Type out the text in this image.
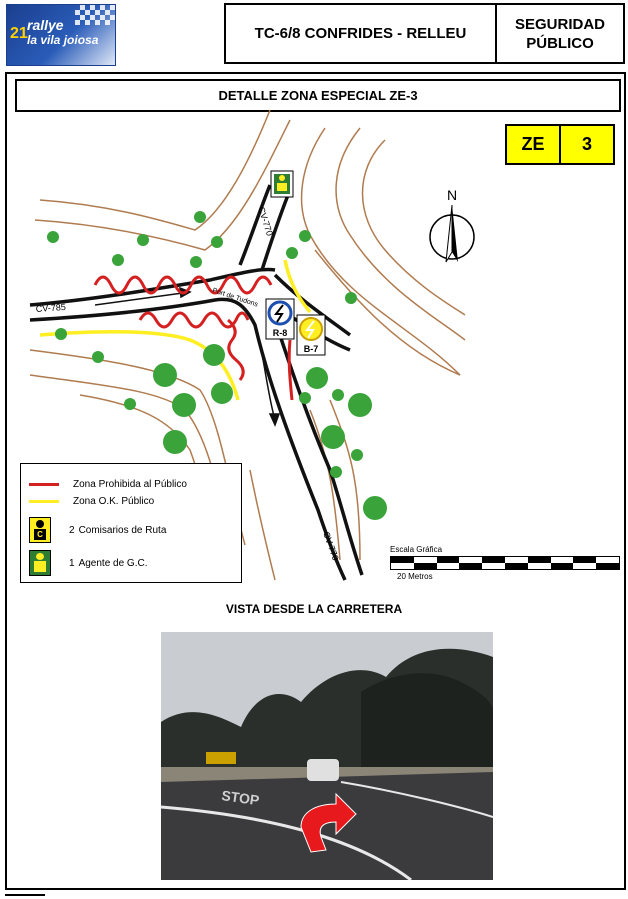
21 rallye
la vila joiosa	TC-6/8 CONFRIDES - RELLEU
SEGURIDAD
PÚBLICO
DETALLE ZONA ESPECIAL ZE-3
ZE	3
CV-785
CV-770
CV-770
Port de Tudons
R-8
B-7
N
Zona Prohibida al Público
Zona O.K. Público
C	2 Comisarios de Ruta
1 Agente de G.C.
Escala Gráfica
20 Metros
VISTA DESDE LA CARRETERA
STOP
